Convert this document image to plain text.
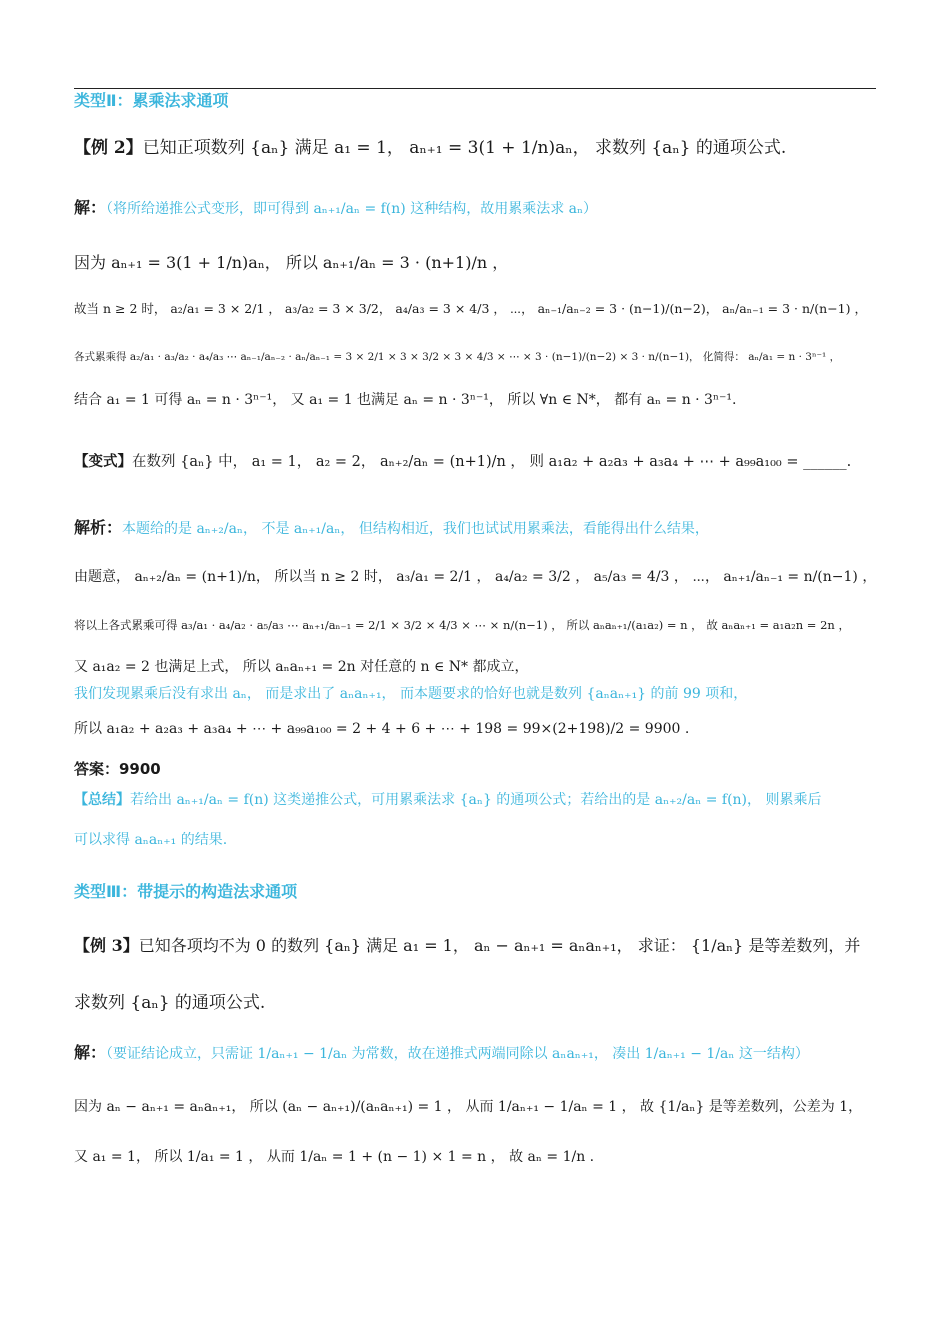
类型Ⅱ：累乘法求通项
【例 2】已知正项数列 {aₙ} 满足 a₁ = 1， aₙ₊₁ = 3(1 + 1/n)aₙ， 求数列 {aₙ} 的通项公式.
解：（将所给递推公式变形，即可得到 aₙ₊₁/aₙ = f(n) 这种结构，故用累乘法求 aₙ）
因为 aₙ₊₁ = 3(1 + 1/n)aₙ， 所以 aₙ₊₁/aₙ = 3 · (n+1)/n ，
故当 n ≥ 2 时， a₂/a₁ = 3 × 2/1 ， a₃/a₂ = 3 × 3/2， a₄/a₃ = 3 × 4/3 ， ⋯， aₙ₋₁/aₙ₋₂ = 3 · (n−1)/(n−2)， aₙ/aₙ₋₁ = 3 · n/(n−1) ，
各式累乘得 a₂/a₁ · a₃/a₂ · a₄/a₃ ⋯ aₙ₋₁/aₙ₋₂ · aₙ/aₙ₋₁ = 3 × 2/1 × 3 × 3/2 × 3 × 4/3 × ⋯ × 3 · (n−1)/(n−2) × 3 · n/(n−1)， 化简得： aₙ/a₁ = n · 3ⁿ⁻¹ ，
结合 a₁ = 1 可得 aₙ = n · 3ⁿ⁻¹， 又 a₁ = 1 也满足 aₙ = n · 3ⁿ⁻¹， 所以 ∀n ∈ N*， 都有 aₙ = n · 3ⁿ⁻¹.
【变式】在数列 {aₙ} 中， a₁ = 1， a₂ = 2， aₙ₊₂/aₙ = (n+1)/n ， 则 a₁a₂ + a₂a₃ + a₃a₄ + ⋯ + a₉₉a₁₀₀ = ______.
解析：本题给的是 aₙ₊₂/aₙ， 不是 aₙ₊₁/aₙ， 但结构相近，我们也试试用累乘法，看能得出什么结果，
由题意， aₙ₊₂/aₙ = (n+1)/n， 所以当 n ≥ 2 时， a₃/a₁ = 2/1 ， a₄/a₂ = 3/2 ， a₅/a₃ = 4/3 ， ⋯， aₙ₊₁/aₙ₋₁ = n/(n−1) ，
将以上各式累乘可得 a₃/a₁ · a₄/a₂ · a₅/a₃ ⋯ aₙ₊₁/aₙ₋₁ = 2/1 × 3/2 × 4/3 × ⋯ × n/(n−1) ， 所以 aₙaₙ₊₁/(a₁a₂) = n ， 故 aₙaₙ₊₁ = a₁a₂n = 2n ，
又 a₁a₂ = 2 也满足上式， 所以 aₙaₙ₊₁ = 2n 对任意的 n ∈ N* 都成立，
我们发现累乘后没有求出 aₙ， 而是求出了 aₙaₙ₊₁， 而本题要求的恰好也就是数列 {aₙaₙ₊₁} 的前 99 项和，
所以 a₁a₂ + a₂a₃ + a₃a₄ + ⋯ + a₉₉a₁₀₀ = 2 + 4 + 6 + ⋯ + 198 = 99×(2+198)/2 = 9900 .
答案：9900
【总结】若给出 aₙ₊₁/aₙ = f(n) 这类递推公式，可用累乘法求 {aₙ} 的通项公式；若给出的是 aₙ₊₂/aₙ = f(n)， 则累乘后
可以求得 aₙaₙ₊₁ 的结果.
类型Ⅲ：带提示的构造法求通项
【例 3】已知各项均不为 0 的数列 {aₙ} 满足 a₁ = 1， aₙ − aₙ₊₁ = aₙaₙ₊₁， 求证： {1/aₙ} 是等差数列，并
求数列 {aₙ} 的通项公式.
解：（要证结论成立，只需证 1/aₙ₊₁ − 1/aₙ 为常数，故在递推式两端同除以 aₙaₙ₊₁， 凑出 1/aₙ₊₁ − 1/aₙ 这一结构）
因为 aₙ − aₙ₊₁ = aₙaₙ₊₁， 所以 (aₙ − aₙ₊₁)/(aₙaₙ₊₁) = 1 ， 从而 1/aₙ₊₁ − 1/aₙ = 1 ， 故 {1/aₙ} 是等差数列，公差为 1，
又 a₁ = 1， 所以 1/a₁ = 1 ， 从而 1/aₙ = 1 + (n − 1) × 1 = n ， 故 aₙ = 1/n .
